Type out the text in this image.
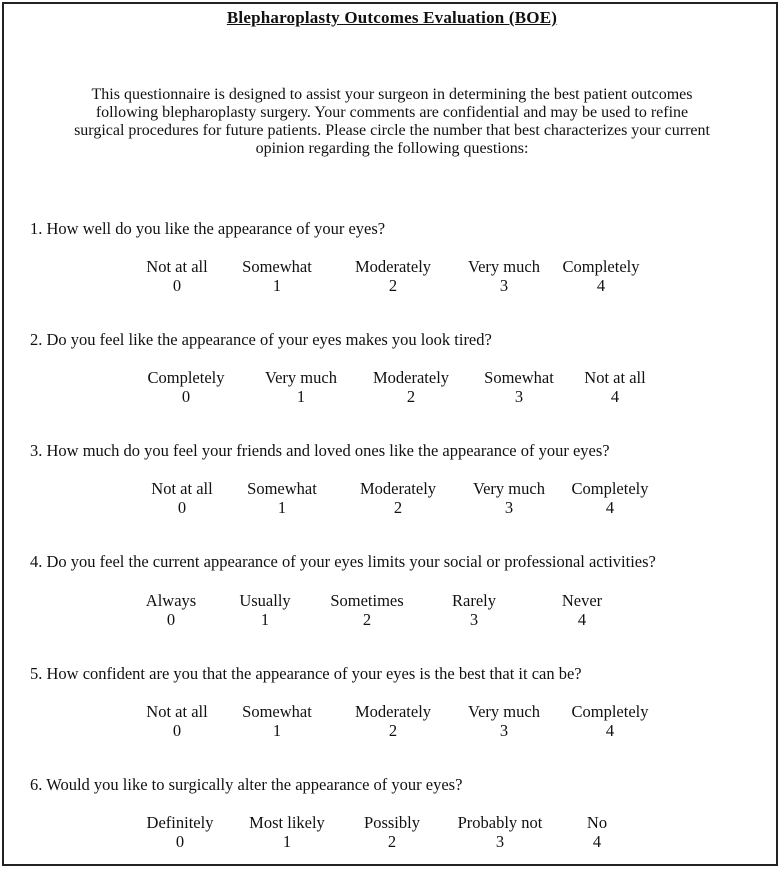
Blepharoplasty Outcomes Evaluation (BOE)
This questionnaire is designed to assist your surgeon in determining the best patient outcomes
following blepharoplasty surgery. Your comments are confidential and may be used to refine
surgical procedures for future patients. Please circle the number that best characterizes your current
opinion regarding the following questions:
1. How well do you like the appearance of your eyes?
Not at all
0
Somewhat
1
Moderately
2
Very much
3
Completely
4
2. Do you feel like the appearance of your eyes makes you look tired?
Completely
0
Very much
1
Moderately
2
Somewhat
3
Not at all
4
3. How much do you feel your friends and loved ones like the appearance of your eyes?
Not at all
0
Somewhat
1
Moderately
2
Very much
3
Completely
4
4. Do you feel the current appearance of your eyes limits your social or professional activities?
Always
0
Usually
1
Sometimes
2
Rarely
3
Never
4
5. How confident are you that the appearance of your eyes is the best that it can be?
Not at all
0
Somewhat
1
Moderately
2
Very much
3
Completely
4
6. Would you like to surgically alter the appearance of your eyes?
Definitely
0
Most likely
1
Possibly
2
Probably not
3
No
4
